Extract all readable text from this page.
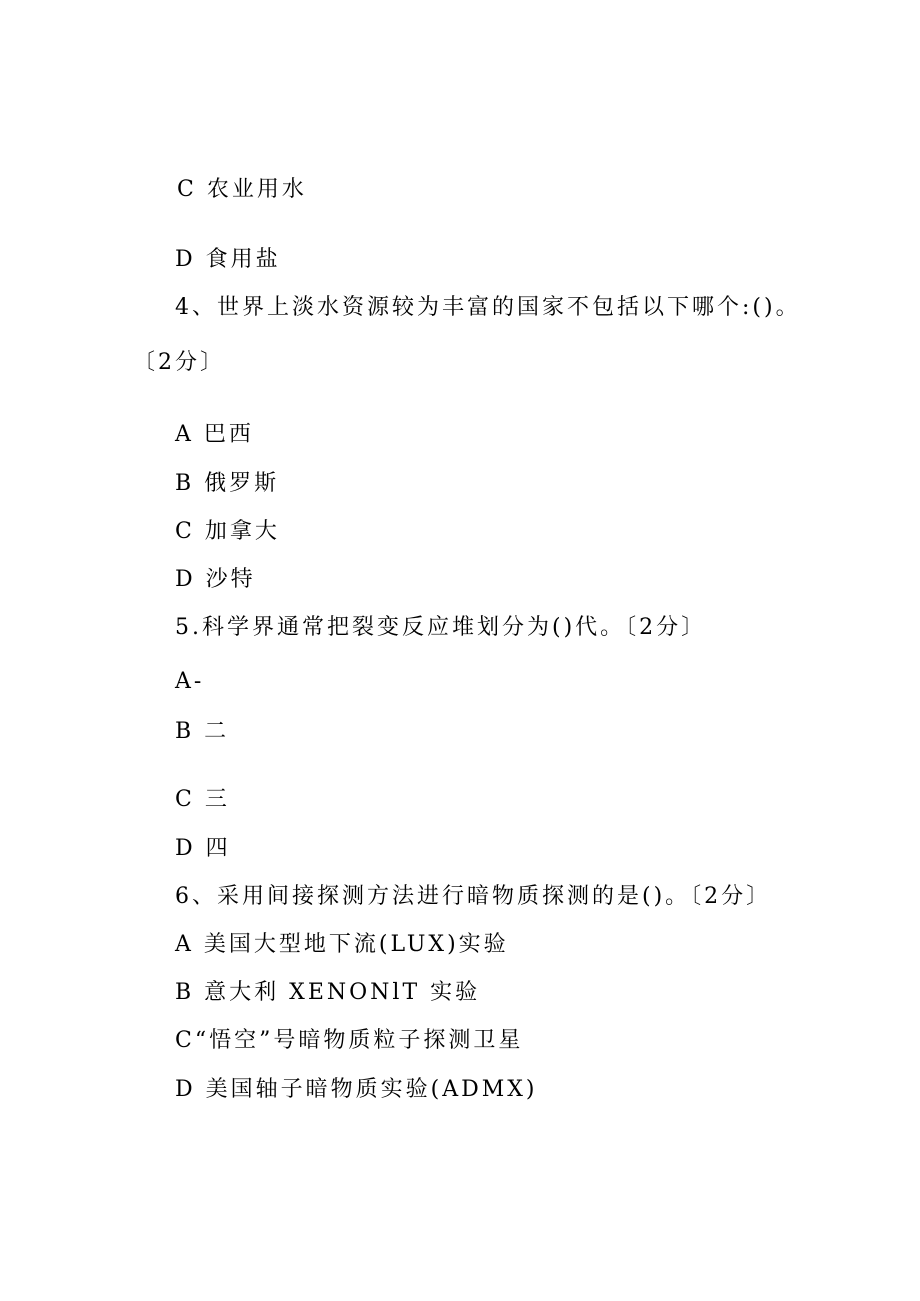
C 农业用水
D 食用盐
4、世界上淡水资源较为丰富的国家不包括以下哪个:()。
〔2分〕
A 巴西
B 俄罗斯
C 加拿大
D 沙特
5.科学界通常把裂变反应堆划分为()代。〔2分〕
A-
B 二
C 三
D 四
6、采用间接探测方法进行暗物质探测的是()。〔2分〕
A 美国大型地下流(LUX)实验
B 意大利 XENONlT 实验
C“悟空”号暗物质粒子探测卫星
D 美国轴子暗物质实验(ADMX)
